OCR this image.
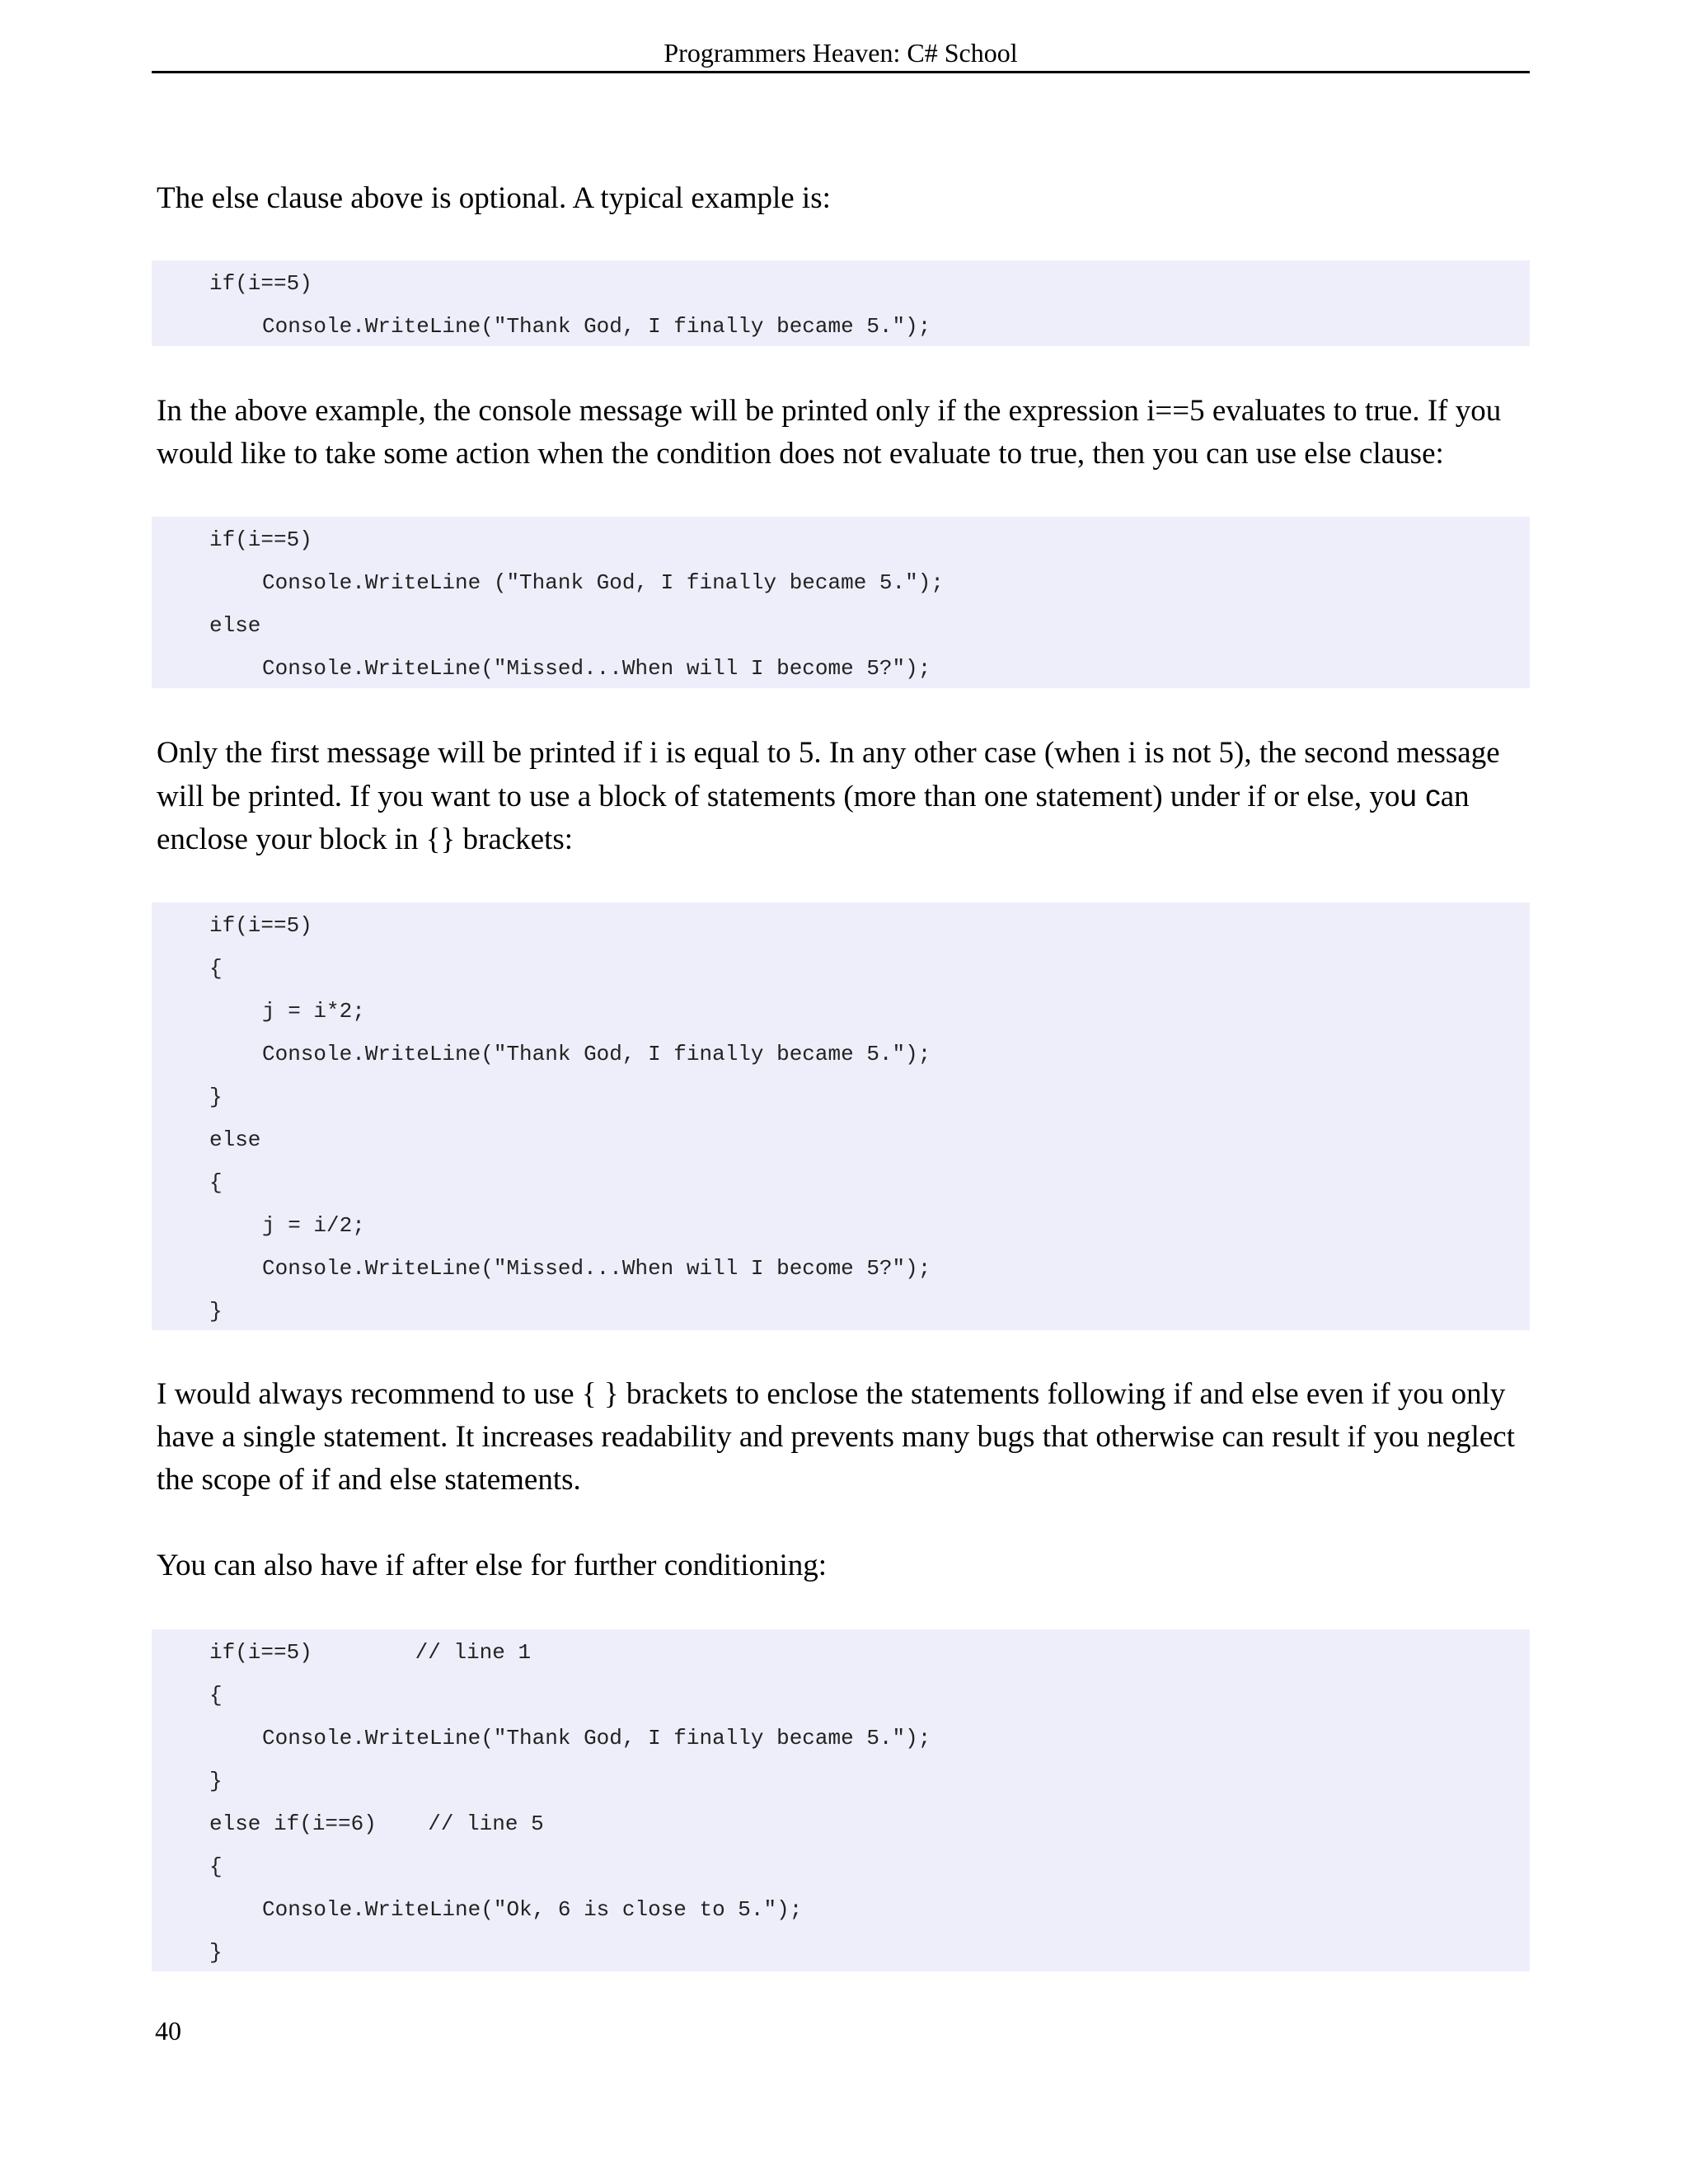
Programmers Heaven: C# School

The else clause above is optional. A typical example is:

if(i==5)
Console.WriteLine("Thank God, I finally became 5.");

In the above example, the console message will be printed only if the expression i==5 evaluates to true. If you would like to take some action when the condition does not evaluate to true, then you can use else clause:

if(i==5)
Console.WriteLine ("Thank God, I finally became 5.");
else
Console.WriteLine("Missed...When will I become 5?");

Only the first message will be printed if i is equal to 5. In any other case (when i is not 5), the second message will be printed. If you want to use a block of statements (more than one statement) under if or else, you can enclose your block in {} brackets:

if(i==5)
{
j = i*2;
Console.WriteLine("Thank God, I finally became 5.");
}
else
{
j = i/2;
Console.WriteLine("Missed...When will I become 5?");
}

I would always recommend to use { } brackets to enclose the statements following if and else even if you only have a single statement. It increases readability and prevents many bugs that otherwise can result if you neglect the scope of if and else statements.

You can also have if after else for further conditioning:

if(i==5)        // line 1
{
Console.WriteLine("Thank God, I finally became 5.");
}
else if(i==6)    // line 5
{
Console.WriteLine("Ok, 6 is close to 5.");
}
40
